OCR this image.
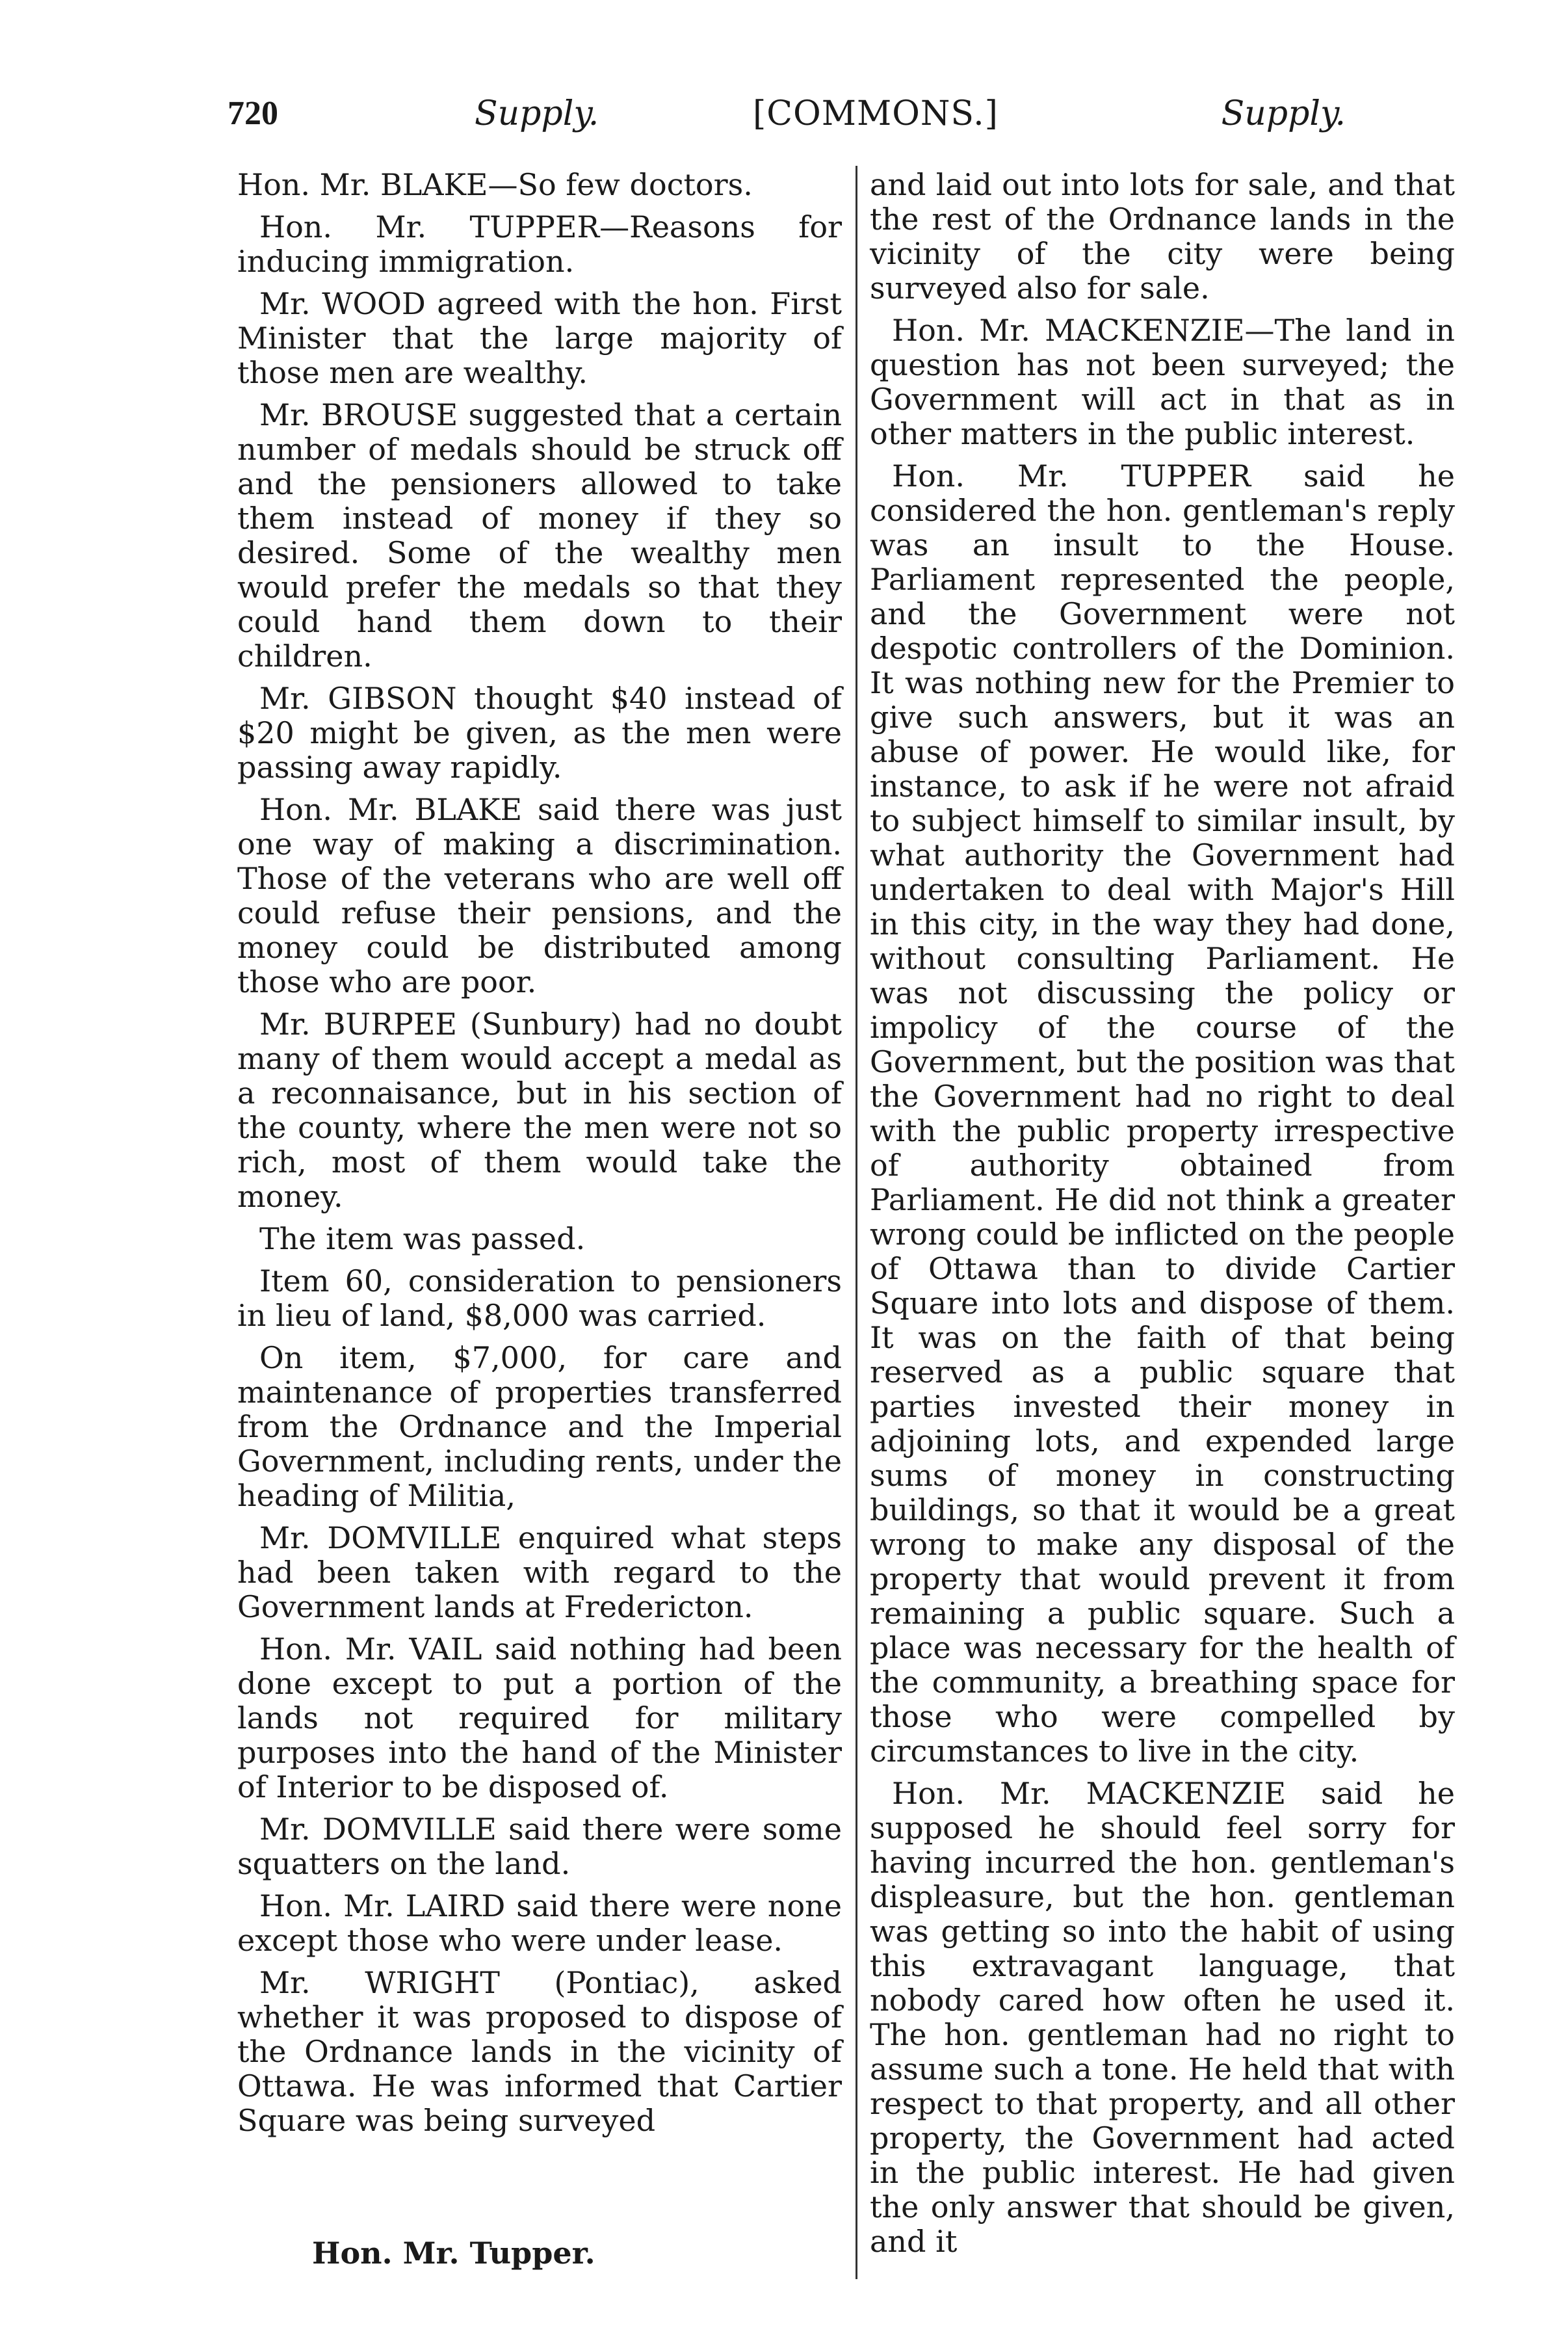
720	Supply.	[COMMONS.]	Supply.

Hon. Mr. BLAKE—So few doctors.

Hon. Mr. TUPPER—Reasons for inducing immigration.

Mr. WOOD agreed with the hon. First Minister that the large majority of those men are wealthy.

Mr. BROUSE suggested that a certain number of medals should be struck off and the pensioners allowed to take them instead of money if they so desired. Some of the wealthy men would prefer the medals so that they could hand them down to their children.

Mr. GIBSON thought $40 instead of $20 might be given, as the men were passing away rapidly.

Hon. Mr. BLAKE said there was just one way of making a discrimination. Those of the veterans who are well off could refuse their pensions, and the money could be distributed among those who are poor.

Mr. BURPEE (Sunbury) had no doubt many of them would accept a medal as a reconnaisance, but in his section of the county, where the men were not so rich, most of them would take the money.

The item was passed.

Item 60, consideration to pensioners in lieu of land, $8,000 was carried.

On item, $7,000, for care and maintenance of properties transferred from the Ordnance and the Imperial Government, including rents, under the heading of Militia,

Mr. DOMVILLE enquired what steps had been taken with regard to the Government lands at Fredericton.

Hon. Mr. VAIL said nothing had been done except to put a portion of the lands not required for military purposes into the hand of the Minister of Interior to be disposed of.

Mr. DOMVILLE said there were some squatters on the land.

Hon. Mr. LAIRD said there were none except those who were under lease.

Mr. WRIGHT (Pontiac), asked whether it was proposed to dispose of the Ordnance lands in the vicinity of Ottawa. He was informed that Cartier Square was being surveyed

and laid out into lots for sale, and that the rest of the Ordnance lands in the vicinity of the city were being surveyed also for sale.

Hon. Mr. MACKENZIE—The land in question has not been surveyed; the Government will act in that as in other matters in the public interest.

Hon. Mr. TUPPER said he considered the hon. gentleman's reply was an insult to the House. Parliament represented the people, and the Government were not despotic controllers of the Dominion. It was nothing new for the Premier to give such answers, but it was an abuse of power. He would like, for instance, to ask if he were not afraid to subject himself to similar insult, by what authority the Government had undertaken to deal with Major's Hill in this city, in the way they had done, without consulting Parliament. He was not discussing the policy or impolicy of the course of the Government, but the position was that the Government had no right to deal with the public property irrespective of authority obtained from Parliament. He did not think a greater wrong could be inflicted on the people of Ottawa than to divide Cartier Square into lots and dispose of them. It was on the faith of that being reserved as a public square that parties invested their money in adjoining lots, and expended large sums of money in constructing buildings, so that it would be a great wrong to make any disposal of the property that would prevent it from remaining a public square. Such a place was necessary for the health of the community, a breathing space for those who were compelled by circumstances to live in the city.

Hon. Mr. MACKENZIE said he supposed he should feel sorry for having incurred the hon. gentleman's displeasure, but the hon. gentleman was getting so into the habit of using this extravagant language, that nobody cared how often he used it. The hon. gentleman had no right to assume such a tone. He held that with respect to that property, and all other property, the Government had acted in the public interest. He had given the only answer that should be given, and it

Hon. Mr. Tupper.
